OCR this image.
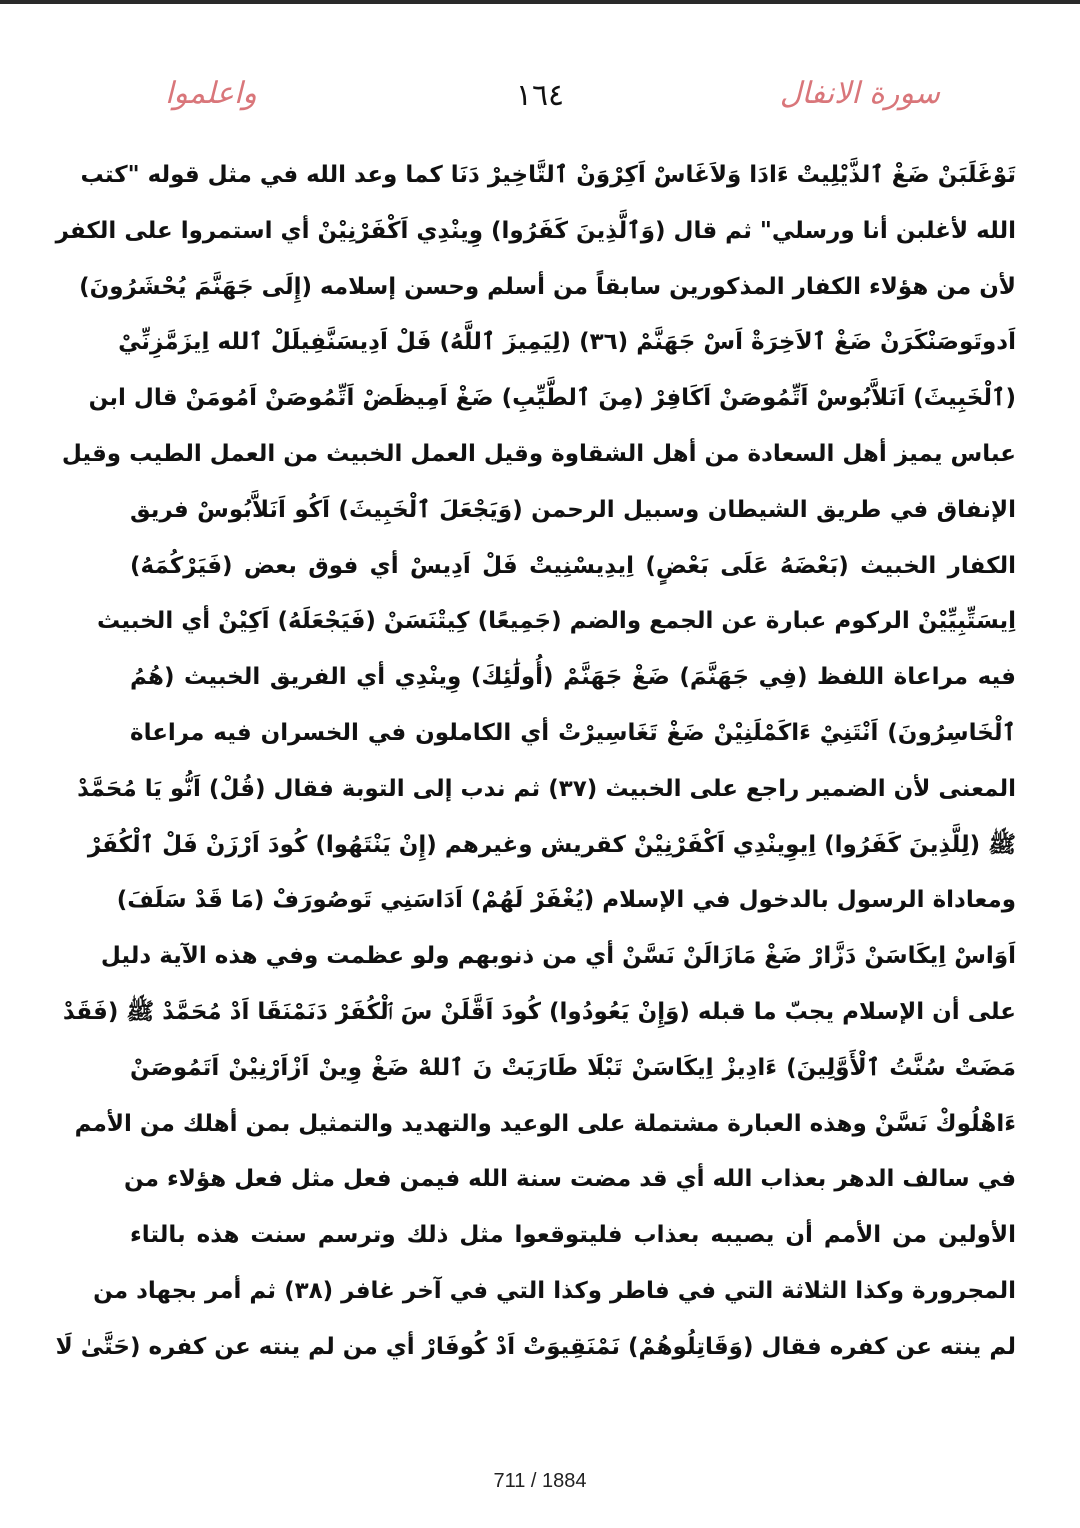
سورة الانفال
١٦٤
واعلموا
تَوْغَلَبَنْ ضَغْ ٱلذَّيْلِيتْ ءَادَا وَلاَغَاسْ اَكِرْوَنْ ٱلتَّاخِيرْ دَنَا كما وعد الله في مثل قوله "كتب
الله لأغلبن أنا ورسلي" ثم قال (وَٱلَّذِينَ كَفَرُوا) وِينْدِي اَكْفَرْنِيْنْ أي استمروا على الكفر
لأن من هؤلاء الكفار المذكورين سابقاً من أسلم وحسن إسلامه (إِلَى جَهَنَّمَ يُحْشَرُونَ)
اَدوتَوصَنْكَرَنْ ضَغْ ٱلاَخِرَةْ اَسْ جَهَنَّمْ (٣٦) (لِيَمِيزَ ٱللَّهُ) فَلْ اَدِيسَنَّفِيلَلْ ٱلله اِيزَمَّزِنِّيْ
(ٱلْخَبِيثَ) اَنَلاَّبُوسْ اَتِّمُوصَنْ اَكَافِرْ (مِنَ ٱلطَّيِّبِ) ضَغْ اَمِيظَضْ اَتِّمُوصَنْ اَمُومَنْ قال ابن
عباس يميز أهل السعادة من أهل الشقاوة وقيل العمل الخبيث من العمل الطيب وقيل
الإنفاق في طريق الشيطان وسبيل الرحمن (وَيَجْعَلَ ٱلْخَبِيثَ) اَكُو اَنَلاَّبُوسْ فريق
الكفار الخبيث (بَعْضَهُ عَلَى بَعْضٍ) اِيدِيسْنِيتْ فَلْ اَدِيسْ أي فوق بعض (فَيَرْكُمَهُ)
اِيسَتِّبِيِّيْنْ الركوم عبارة عن الجمع والضم (جَمِيعًا) كِيتْنَسَنْ (فَيَجْعَلَهُ) اَكِيْنْ أي الخبيث
فيه مراعاة اللفظ (فِي جَهَنَّمَ) ضَغْ جَهَنَّمْ (أُولَٰئِكَ) وِينْدِي أي الفريق الخبيث (هُمُ
ٱلْخَاسِرُونَ) اَنْتَنِيْ ءَاكَمْلَنِيْنْ ضَغْ تَغَاسِيرْتْ أي الكاملون في الخسران فيه مراعاة
المعنى لأن الضمير راجع على الخبيث (٣٧) ثم ندب إلى التوبة فقال (قُلْ) اَنُّو يَا مُحَمَّدْ
ﷺ (لِلَّذِينَ كَفَرُوا) اِيوِينْدِي اَكْفَرْنِيْنْ كقريش وغيرهم (إِنْ يَنْتَهُوا) كُودَ اَرْزَنْ فَلْ ٱلْكُفَرْ
ومعاداة الرسول بالدخول في الإسلام (يُغْفَرْ لَهُمْ) اَدَاسَنِي تَوصُورَفْ (مَا قَدْ سَلَفَ)
اَوَاسْ اِيكَاسَنْ دَزَّارْ ضَغْ مَازَالَنْ نَسَّنْ أي من ذنوبهم ولو عظمت وفي هذه الآية دليل
على أن الإسلام يجبّ ما قبله (وَإِنْ يَعُودُوا) كُودَ اَقَّلَنْ سَ ٱلْكُفَرْ دَنَمْنَقَا اَدْ مُحَمَّدْ ﷺ (فَقَدْ
مَضَتْ سُنَّتُ ٱلْأَوَّلِينَ) ءَادِيزْ اِيكَاسَنْ تَبْلَا طَارَيَتْ نَ ٱللهْ ضَغْ وِينْ اَزْاَرْنِيْنْ اَتَمُوصَنْ
ءَاهْلُوكْ نَسَّنْ وهذه العبارة مشتملة على الوعيد والتهديد والتمثيل بمن أهلك من الأمم
في سالف الدهر بعذاب الله أي قد مضت سنة الله فيمن فعل مثل فعل هؤلاء من
الأولين من الأمم أن يصيبه بعذاب فليتوقعوا مثل ذلك وترسم سنت هذه بالتاء
المجرورة وكذا الثلاثة التي في فاطر وكذا التي في آخر غافر (٣٨) ثم أمر بجهاد من
لم ينته عن كفره فقال (وَقَاتِلُوهُمْ) نَمْنَقِيوَتْ اَدْ كُوفَارْ أي من لم ينته عن كفره (حَتَّىٰ لَا
711 / 1884
